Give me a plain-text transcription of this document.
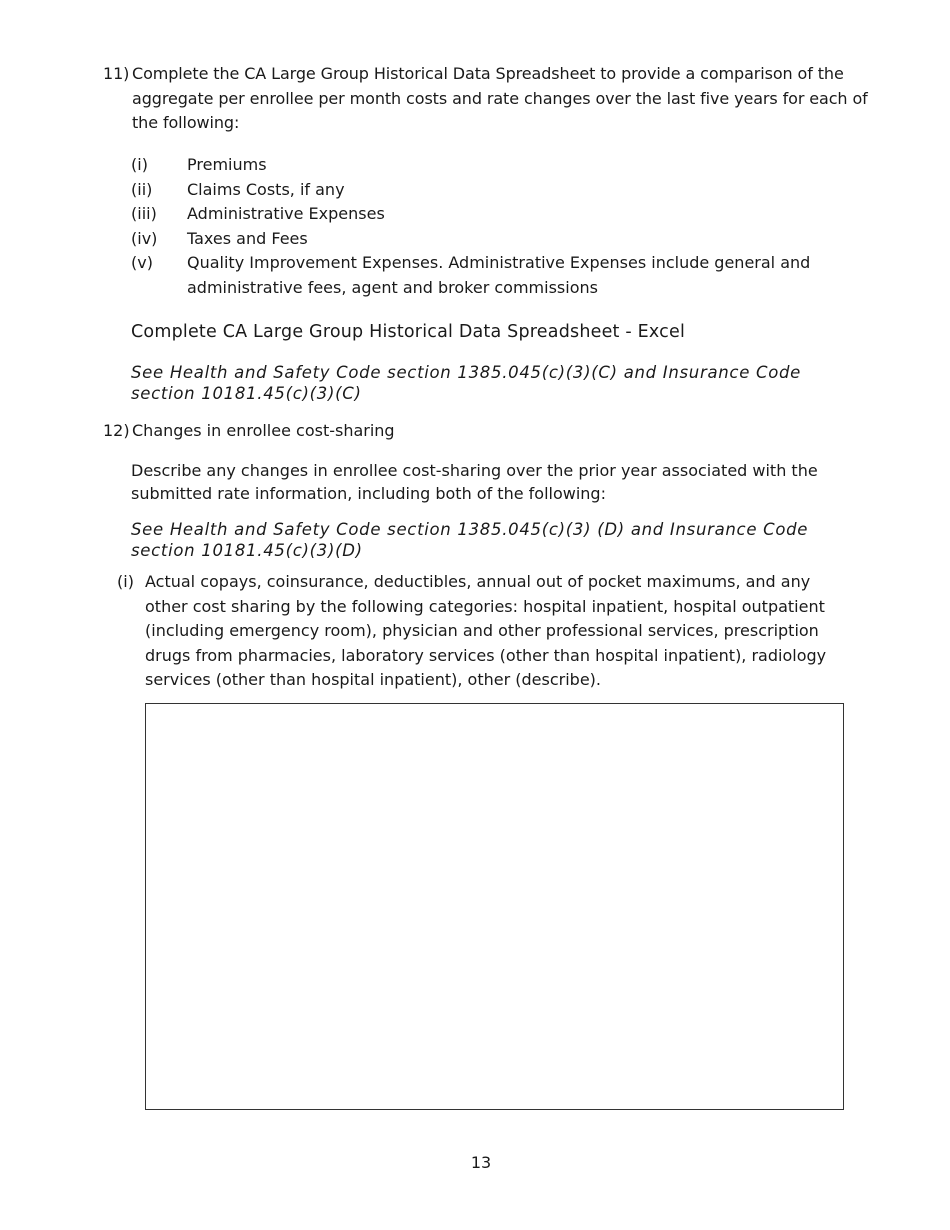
11) Complete the CA Large Group Historical Data Spreadsheet to provide a comparison of the aggregate per enrollee per month costs and rate changes over the last five years for each of the following:
(i) Premiums
(ii) Claims Costs, if any
(iii) Administrative Expenses
(iv) Taxes and Fees
(v) Quality Improvement Expenses. Administrative Expenses include general and administrative fees, agent and broker commissions
Complete CA Large Group Historical Data Spreadsheet - Excel
See Health and Safety Code section 1385.045(c)(3)(C) and Insurance Code section 10181.45(c)(3)(C)
12) Changes in enrollee cost-sharing
Describe any changes in enrollee cost-sharing over the prior year associated with the submitted rate information, including both of the following:
See Health and Safety Code section 1385.045(c)(3) (D) and Insurance Code section 10181.45(c)(3)(D)
(i) Actual copays, coinsurance, deductibles, annual out of pocket maximums, and any other cost sharing by the following categories: hospital inpatient, hospital outpatient (including emergency room), physician and other professional services, prescription drugs from pharmacies, laboratory services (other than hospital inpatient), radiology services (other than hospital inpatient), other (describe).
13
